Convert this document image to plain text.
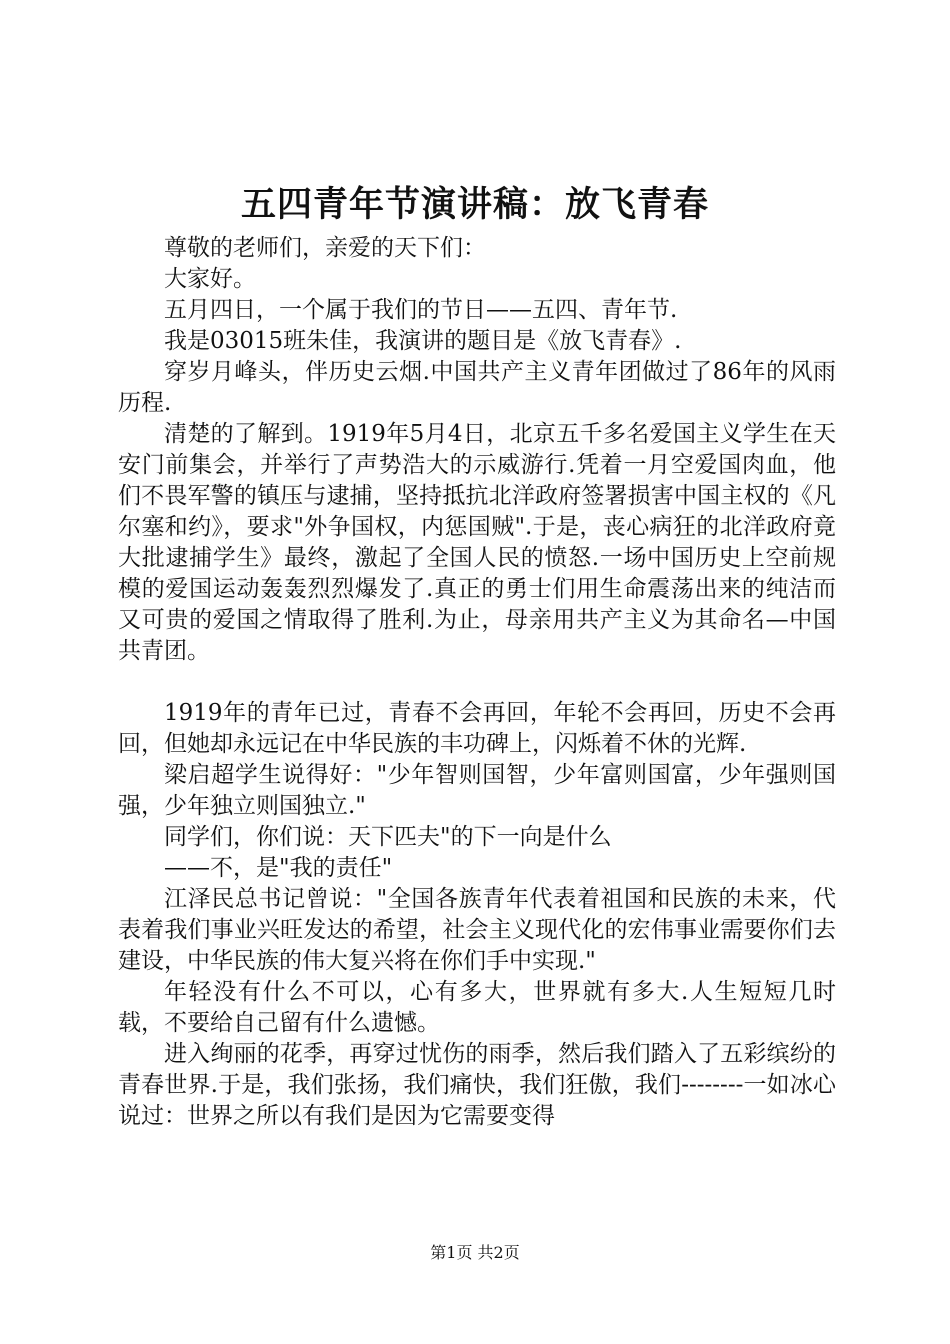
五四青年节演讲稿：放飞青春

尊敬的老师们，亲爱的天下们：

大家好。

五月四日，一个属于我们的节日——五四、青年节.

我是03015班朱佳，我演讲的题目是《放飞青春》.

穿岁月峰头，伴历史云烟.中国共产主义青年团做过了86年的风雨历程.

清楚的了解到。1919年5月4日，北京五千多名爱国主义学生在天安门前集会，并举行了声势浩大的示威游行.凭着一月空爱国肉血，他们不畏军警的镇压与逮捕，坚持抵抗北洋政府签署损害中国主权的《凡尔塞和约》，要求"外争国权，内惩国贼".于是，丧心病狂的北洋政府竟大批逮捕学生》最终，激起了全国人民的愤怒.一场中国历史上空前规模的爱国运动轰轰烈烈爆发了.真正的勇士们用生命震荡出来的纯洁而又可贵的爱国之情取得了胜利.为止，母亲用共产主义为其命名—中国共青团。

1919年的青年已过，青春不会再回，年轮不会再回，历史不会再回，但她却永远记在中华民族的丰功碑上，闪烁着不休的光辉.

梁启超学生说得好："少年智则国智，少年富则国富，少年强则国强，少年独立则国独立."

同学们，你们说：天下匹夫"的下一向是什么

——不，是"我的责任"

江泽民总书记曾说："全国各族青年代表着祖国和民族的未来，代表着我们事业兴旺发达的希望，社会主义现代化的宏伟事业需要你们去建设，中华民族的伟大复兴将在你们手中实现."

年轻没有什么不可以，心有多大，世界就有多大.人生短短几时载，不要给自己留有什么遗憾。

进入绚丽的花季，再穿过忧伤的雨季，然后我们踏入了五彩缤纷的青春世界.于是，我们张扬，我们痛快，我们狂傲，我们--------一如冰心说过：世界之所以有我们是因为它需要变得

第1页 共2页
